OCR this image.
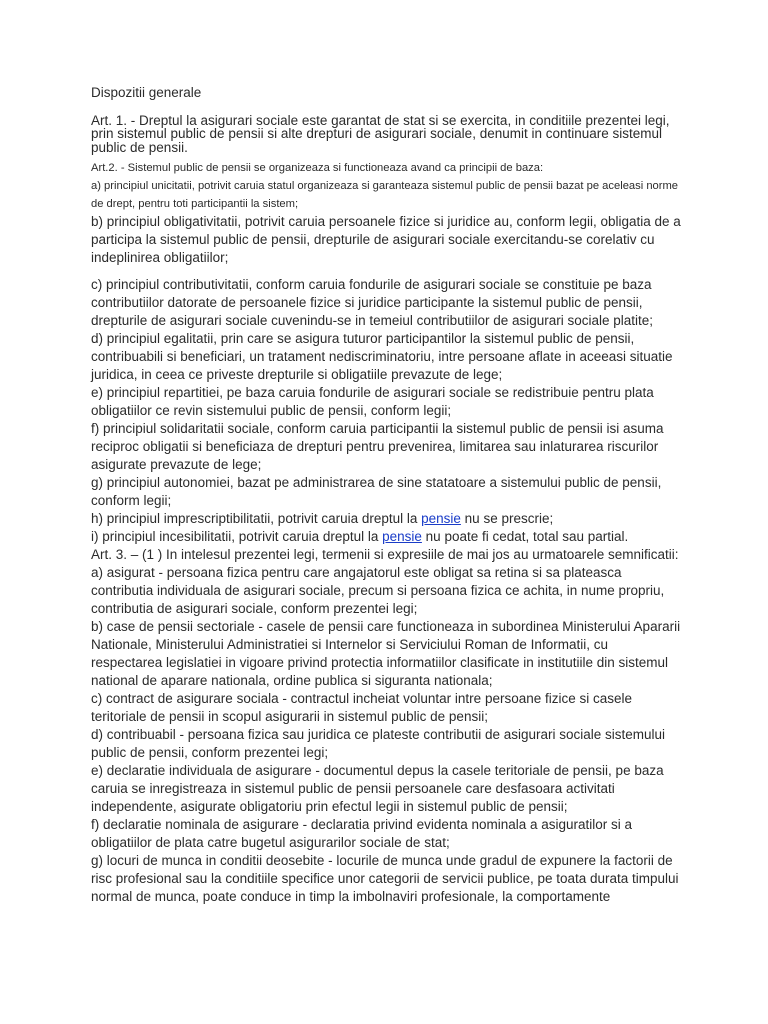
Dispozitii generale

Art. 1. - Dreptul la asigurari sociale este garantat de stat si se exercita, in conditiile prezentei legi, prin sistemul public de pensii si alte drepturi de asigurari sociale, denumit in continuare sistemul public de pensii.

Art.2. - Sistemul public de pensii se organizeaza si functioneaza avand ca principii de baza:

a) principiul unicitatii, potrivit caruia statul organizeaza si garanteaza sistemul public de pensii bazat pe aceleasi norme de drept, pentru toti participantii la sistem;

b) principiul obligativitatii, potrivit caruia persoanele fizice si juridice au, conform legii, obligatia de a participa la sistemul public de pensii, drepturile de asigurari sociale exercitandu-se corelativ cu indeplinirea obligatiilor;

c) principiul contributivitatii, conform caruia fondurile de asigurari sociale se constituie pe baza contributiilor datorate de persoanele fizice si juridice participante la sistemul public de pensii, drepturile de asigurari sociale cuvenindu-se in temeiul contributiilor de asigurari sociale platite;

d) principiul egalitatii, prin care se asigura tuturor participantilor la sistemul public de pensii, contribuabili si beneficiari, un tratament nediscriminatoriu, intre persoane aflate in aceeasi situatie juridica, in ceea ce priveste drepturile si obligatiile prevazute de lege;

e) principiul repartitiei, pe baza caruia fondurile de asigurari sociale se redistribuie pentru plata obligatiilor ce revin sistemului public de pensii, conform legii;

f) principiul solidaritatii sociale, conform caruia participantii la sistemul public de pensii isi asuma reciproc obligatii si beneficiaza de drepturi pentru prevenirea, limitarea sau inlaturarea riscurilor asigurate prevazute de lege;

g) principiul autonomiei, bazat pe administrarea de sine statatoare a sistemului public de pensii, conform legii;

h) principiul imprescriptibilitatii, potrivit caruia dreptul la pensie nu se prescrie;

i) principiul incesibilitatii, potrivit caruia dreptul la pensie nu poate fi cedat, total sau partial.

Art. 3. – (1 ) In intelesul prezentei legi, termenii si expresiile de mai jos au urmatoarele semnificatii:

a) asigurat - persoana fizica pentru care angajatorul este obligat sa retina si sa plateasca contributia individuala de asigurari sociale, precum si persoana fizica ce achita, in nume propriu, contributia de asigurari sociale, conform prezentei legi;

b) case de pensii sectoriale - casele de pensii care functioneaza in subordinea Ministerului Apararii Nationale, Ministerului Administratiei si Internelor si Serviciului Roman de Informatii, cu respectarea legislatiei in vigoare privind protectia informatiilor clasificate in institutiile din sistemul national de aparare nationala, ordine publica si siguranta nationala;

c) contract de asigurare sociala - contractul incheiat voluntar intre persoane fizice si casele teritoriale de pensii in scopul asigurarii in sistemul public de pensii;

d) contribuabil - persoana fizica sau juridica ce plateste contributii de asigurari sociale sistemului public de pensii, conform prezentei legi;

e) declaratie individuala de asigurare - documentul depus la casele teritoriale de pensii, pe baza caruia se inregistreaza in sistemul public de pensii persoanele care desfasoara activitati independente, asigurate obligatoriu prin efectul legii in sistemul public de pensii;

f) declaratie nominala de asigurare - declaratia privind evidenta nominala a asiguratilor si a obligatiilor de plata catre bugetul asigurarilor sociale de stat;

g) locuri de munca in conditii deosebite - locurile de munca unde gradul de expunere la factorii de risc profesional sau la conditiile specifice unor categorii de servicii publice, pe toata durata timpului normal de munca, poate conduce in timp la imbolnaviri profesionale, la comportamente
